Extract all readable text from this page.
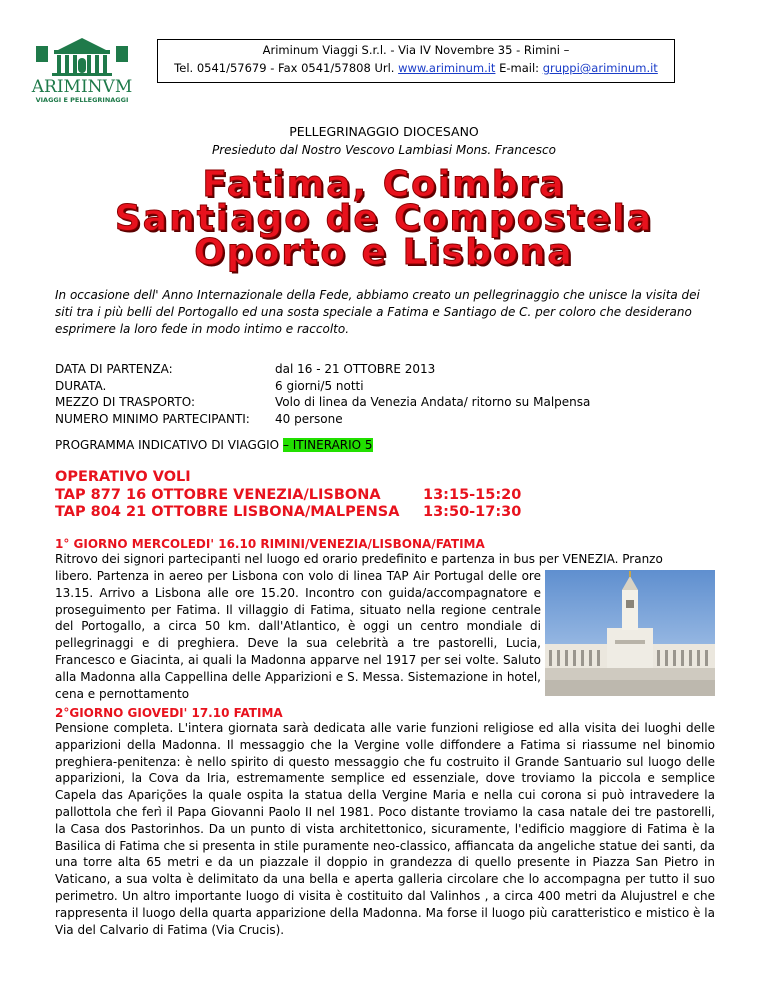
ARIMINVM
VIAGGI E PELLEGRINAGGI
Ariminum Viaggi S.r.l. - Via IV Novembre 35 - Rimini –
Tel. 0541/57679 - Fax 0541/57808 Url. www.ariminum.it E-mail: gruppi@ariminum.it
PELLEGRINAGGIO DIOCESANO
Presieduto dal Nostro Vescovo Lambiasi Mons. Francesco
Fatima, Coimbra
Santiago de Compostela
Oporto e Lisbona
In occasione dell' Anno Internazionale della Fede, abbiamo creato un pellegrinaggio che unisce la visita dei siti tra i più belli del Portogallo ed una sosta speciale a Fatima e Santiago de C. per coloro che desiderano esprimere la loro fede in modo intimo e raccolto.
DATA DI PARTENZA:	dal 16 - 21 OTTOBRE 2013
DURATA.	6 giorni/5 notti
MEZZO DI TRASPORTO:	Volo di linea da Venezia Andata/ ritorno su Malpensa
NUMERO MINIMO PARTECIPANTI:	40 persone
PROGRAMMA INDICATIVO DI VIAGGIO – ITINERARIO 5
OPERATIVO VOLI
TAP 877 16 OTTOBRE VENEZIA/LISBONA	13:15-15:20
TAP 804 21 OTTOBRE LISBONA/MALPENSA	13:50-17:30
1° GIORNO MERCOLEDI' 16.10 RIMINI/VENEZIA/LISBONA/FATIMA
Ritrovo dei signori partecipanti nel luogo ed orario predefinito e partenza in bus per VENEZIA. Pranzo
libero. Partenza in aereo per Lisbona con volo di linea TAP Air Portugal delle ore 13.15. Arrivo a Lisbona alle ore 15.20. Incontro con guida/accompagnatore e proseguimento per Fatima. Il villaggio di Fatima, situato nella regione centrale del Portogallo, a circa 50 km. dall'Atlantico, è oggi un centro mondiale di pellegrinaggi e di preghiera. Deve la sua celebrità a tre pastorelli, Lucia, Francesco e Giacinta, ai quali la Madonna apparve nel 1917 per sei volte. Saluto alla Madonna alla Cappellina delle Apparizioni e S. Messa. Sistemazione in hotel, cena e pernottamento
2°GIORNO GIOVEDI' 17.10 FATIMA
Pensione completa. L'intera giornata sarà dedicata alle varie funzioni religiose ed alla visita dei luoghi delle apparizioni della Madonna. Il messaggio che la Vergine volle diffondere a Fatima si riassume nel binomio preghiera-penitenza: è nello spirito di questo messaggio che fu costruito il Grande Santuario sul luogo delle apparizioni, la Cova da Iria, estremamente semplice ed essenziale, dove troviamo la piccola e semplice Capela das Aparições la quale ospita la statua della Vergine Maria e nella cui corona si può intravedere la pallottola che ferì il Papa Giovanni Paolo II nel 1981. Poco distante troviamo la casa natale dei tre pastorelli, la Casa dos Pastorinhos. Da un punto di vista architettonico, sicuramente, l'edificio maggiore di Fatima è la Basilica di Fatima che si presenta in stile puramente neo-classico, affiancata da angeliche statue dei santi, da una torre alta 65 metri e da un piazzale il doppio in grandezza di quello presente in Piazza San Pietro in Vaticano, a sua volta è delimitato da una bella e aperta galleria circolare che lo accompagna per tutto il suo perimetro. Un altro importante luogo di visita è costituito dal Valinhos , a circa 400 metri da Alujustrel e che rappresenta il luogo della quarta apparizione della Madonna. Ma forse il luogo più caratteristico e mistico è la Via del Calvario di Fatima (Via Crucis).
